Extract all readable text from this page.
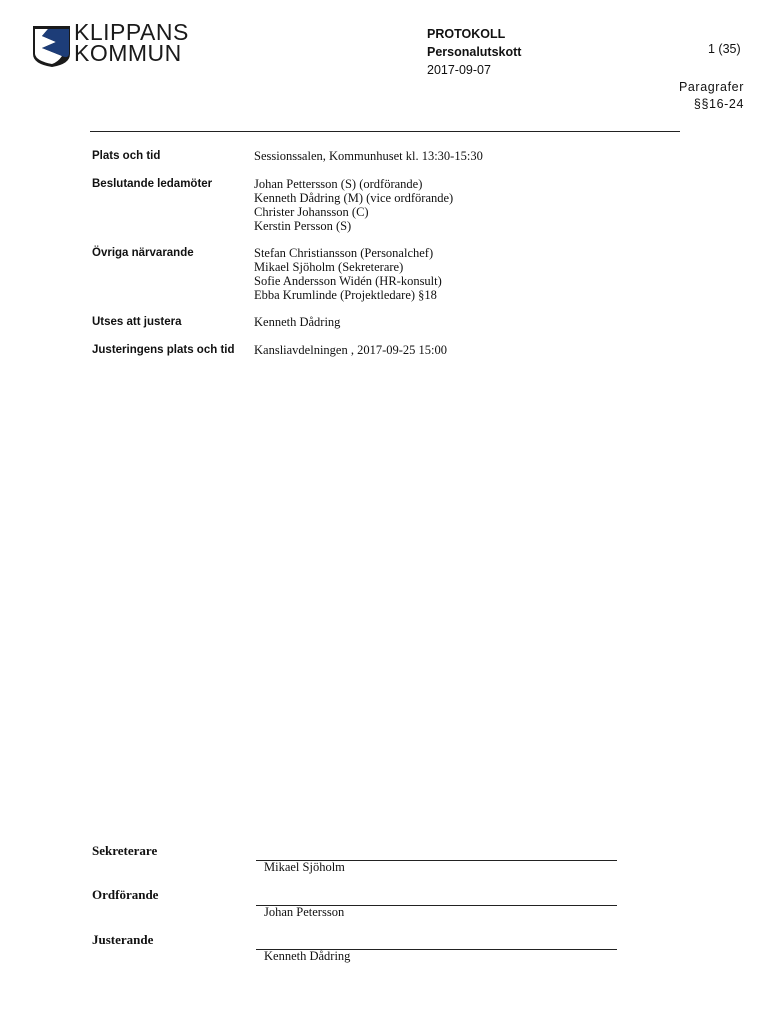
KLIPPANS
KOMMUN
PROTOKOLL
Personalutskott
2017-09-07
1 (35)
Paragrafer
§§16-24
Plats och tid	Sessionssalen, Kommunhuset kl. 13:30-15:30
Beslutande ledamöter	Johan Pettersson (S) (ordförande)
Kenneth Dådring (M) (vice ordförande)
Christer Johansson (C)
Kerstin Persson (S)
Övriga närvarande	Stefan Christiansson (Personalchef)
Mikael Sjöholm (Sekreterare)
Sofie Andersson Widén (HR-konsult)
Ebba Krumlinde (Projektledare) §18
Utses att justera	Kenneth Dådring
Justeringens plats och tid	Kansliavdelningen , 2017-09-25 15:00
Sekreterare
Mikael Sjöholm
Ordförande
Johan Petersson
Justerande
Kenneth Dådring
